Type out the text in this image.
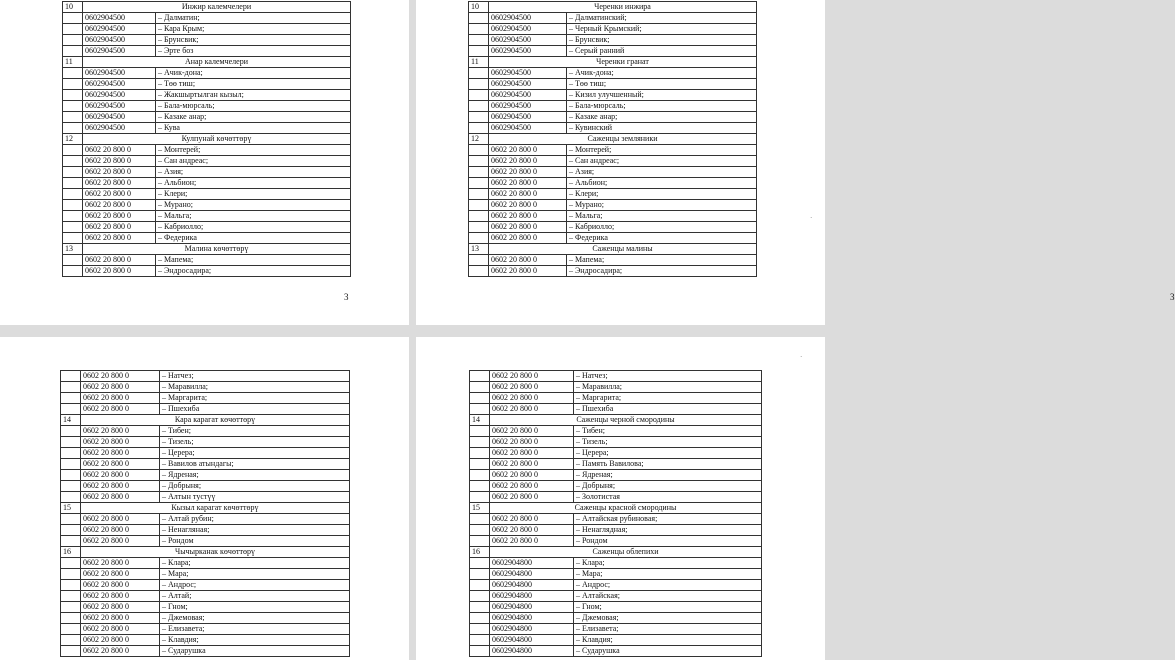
10	Инжир калемчелери	
	0602904500	– Далматин;
	0602904500	– Кара Крым;
	0602904500	– Брунсвик;
	0602904500	– Эрте боз
11	Анар калемчелери	
	0602904500	– Ачик-дона;
	0602904500	– Төө тиш;
	0602904500	– Жакшыртылган кызыл;
	0602904500	– Бала-мюрсаль;
	0602904500	– Казаке анар;
	0602904500	– Кува
12	Кулпунай көчөттөрү	
	0602 20 800 0	– Монтерей;
	0602 20 800 0	– Сан андреас;
	0602 20 800 0	– Азия;
	0602 20 800 0	– Альбион;
	0602 20 800 0	– Клери;
	0602 20 800 0	– Мурано;
	0602 20 800 0	– Мальга;
	0602 20 800 0	– Кабриолло;
	0602 20 800 0	– Федерика
13	Малина көчөттөрү	
	0602 20 800 0	– Мапема;
	0602 20 800 0	– Эндросадира;
3
10	Черенки инжира	
	0602904500	– Далматинский;
	0602904500	– Черный Крымский;
	0602904500	– Брунсвик;
	0602904500	– Серый ранний
11	Черенки гранат	
	0602904500	– Ачик-дона;
	0602904500	– Төө тиш;
	0602904500	– Кизил улучшенный;
	0602904500	– Бала-мюрсаль;
	0602904500	– Казаке анар;
	0602904500	– Кувинский
12	Саженцы земляники	
	0602 20 800 0	– Монтерей;
	0602 20 800 0	– Сан андреас;
	0602 20 800 0	– Азия;
	0602 20 800 0	– Альбион;
	0602 20 800 0	– Клери;
	0602 20 800 0	– Мурано;
	0602 20 800 0	– Мальга;
	0602 20 800 0	– Кабриолло;
	0602 20 800 0	– Федерика
13	Саженцы малины	
	0602 20 800 0	– Мапема;
	0602 20 800 0	– Эндросадира;
3
·
	0602 20 800 0	– Натчез;
	0602 20 800 0	– Маравилла;
	0602 20 800 0	– Маргарита;
	0602 20 800 0	– Пшехиба
14	Кара карагат көчөттөрү	
	0602 20 800 0	– Тибен;
	0602 20 800 0	– Тизель;
	0602 20 800 0	– Церера;
	0602 20 800 0	– Вавилов атындагы;
	0602 20 800 0	– Ядреная;
	0602 20 800 0	– Добрыня;
	0602 20 800 0	– Алтын тустүү
15	Кызыл карагат көчөттөрү	
	0602 20 800 0	– Алтай рубин;
	0602 20 800 0	– Ненагляная;
	0602 20 800 0	– Рондом
16	Чычырканак көчөттөрү	
	0602 20 800 0	– Клара;
	0602 20 800 0	– Мара;
	0602 20 800 0	– Андрос;
	0602 20 800 0	– Алтай;
	0602 20 800 0	– Гном;
	0602 20 800 0	– Джемовая;
	0602 20 800 0	– Елизавета;
	0602 20 800 0	– Клавдия;
	0602 20 800 0	– Сударушка
	0602 20 800 0	– Натчез;
	0602 20 800 0	– Маравилла;
	0602 20 800 0	– Маргарита;
	0602 20 800 0	– Пшехиба
14	Саженцы черной смородины	
	0602 20 800 0	– Тибен;
	0602 20 800 0	– Тизель;
	0602 20 800 0	– Церера;
	0602 20 800 0	– Память Вавилова;
	0602 20 800 0	– Ядреная;
	0602 20 800 0	– Добрыня;
	0602 20 800 0	– Золотистая
15	Саженцы красной смородины	
	0602 20 800 0	– Алтайская рубиновая;
	0602 20 800 0	– Ненаглядная;
	0602 20 800 0	– Рондом
16	Саженцы облепихи	
	0602904800	– Клара;
	0602904800	– Мара;
	0602904800	– Андрос;
	0602904800	– Алтайская;
	0602904800	– Гном;
	0602904800	– Джемовая;
	0602904800	– Елизавета;
	0602904800	– Клавдия;
	0602904800	– Сударушка
·
